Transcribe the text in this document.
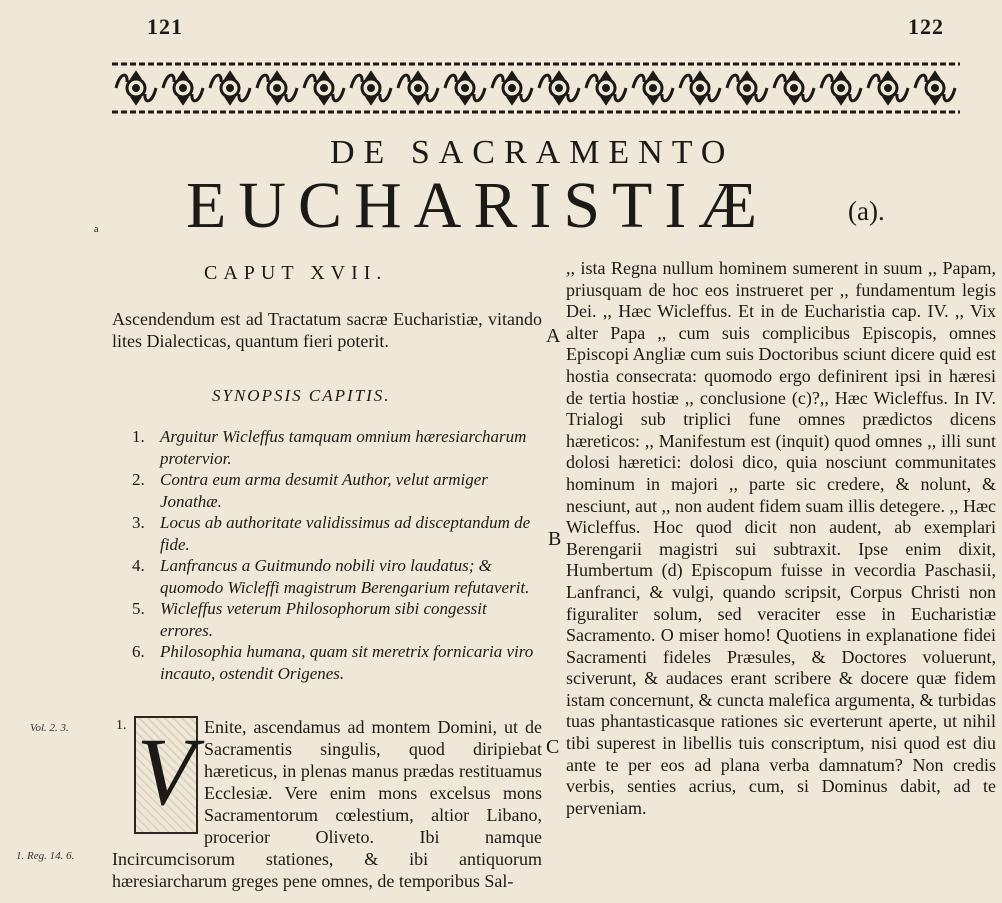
121	122
DE SACRAMENTO
EUCHARISTIÆ	(a).
a
CAPUT XVII.
Ascendendum est ad Tractatum sacræ Eucharistiæ, vitando lites Dialecticas, quantum fieri poterit.
SYNOPSIS CAPITIS.
1. Arguitur Wicleffus tamquam omnium hæresiarcharum protervior.
2. Contra eum arma desumit Author, velut armiger Jonathæ.
3. Locus ab authoritate validissimus ad disceptandum de fide.
4. Lanfrancus a Guitmundo nobili viro laudatus; & quomodo Wicleffi magistrum Berengarium refutaverit.
5. Wicleffus veterum Philosophorum sibi congessit errores.
6. Philosophia humana, quam sit meretrix fornicaria viro incauto, ostendit Origenes.
1. V Enite, ascendamus ad montem Domini, ut de Sacramentis singulis, quod diripiebat hæreticus, in plenas manus prædas restituamus Ecclesiæ. Vere enim mons excelsus mons Sacramentorum cœlestium, altior Libano, procerior Oliveto. Ibi namque Incircumcisorum stationes, & ibi antiquorum hæresiarcharum greges pene omnes, de temporibus Sal-

Vol. 2. 3.
1. Reg. 14. 6.
A
B
C

,, ista Regna nullum hominem sumerent in suum ,, Papam, priusquam de hoc eos instrueret per ,, fundamentum legis Dei. ,, Hæc Wicleffus. Et in de Eucharistia cap. IV. ,, Vix alter Papa ,, cum suis complicibus Episcopis, omnes Episcopi Angliæ cum suis Doctoribus sciunt dicere quid est hostia consecrata: quomodo ergo definirent ipsi in hæresi de tertia hostiæ ,, conclusione (c)?,, Hæc Wicleffus. In IV. Trialogi sub triplici fune omnes prædictos dicens hæreticos: ,, Manifestum est (inquit) quod omnes ,, illi sunt dolosi hæretici: dolosi dico, quia nosciunt communitates hominum in majori ,, parte sic credere, & nolunt, & nesciunt, aut ,, non audent fidem suam illis detegere. ,, Hæc Wicleffus. Hoc quod dicit non audent, ab exemplari Berengarii magistri sui subtraxit. Ipse enim dixit, Humbertum (d) Episcopum fuisse in vecordia Paschasii, Lanfranci, & vulgi, quando scripsit, Corpus Christi non figuraliter solum, sed veraciter esse in Eucharistiæ Sacramento. O miser homo! Quotiens in explanatione fidei Sacramenti fideles Præsules, & Doctores voluerunt, sciverunt, & audaces erant scribere & docere quæ fidem istam concernunt, & cuncta malefica argumenta, & turbidas tuas phantasticasque rationes sic everterunt aperte, ut nihil tibi superest in libellis tuis conscriptum, nisi quod est diu ante te per eos ad plana verba damnatum? Non credis verbis, senties acrius, cum, si Dominus dabit, ad te perveniam.
